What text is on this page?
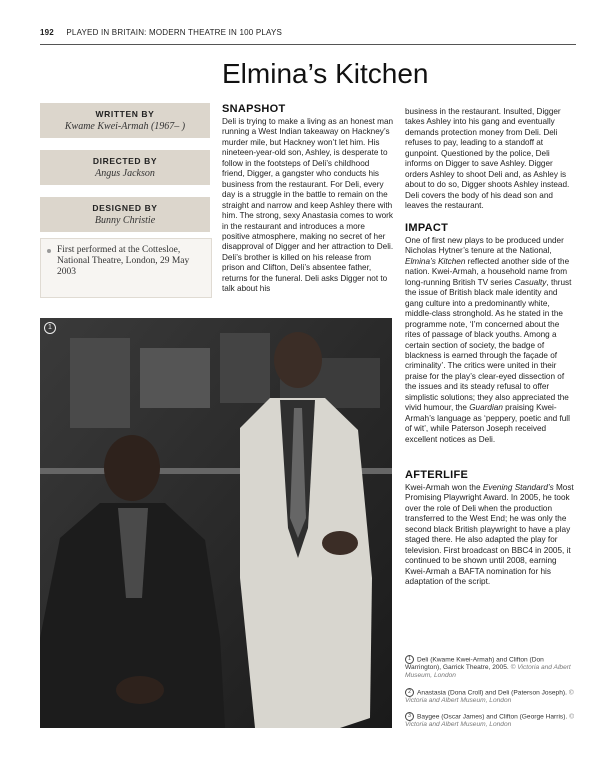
192 PLAYED IN BRITAIN: MODERN THEATRE IN 100 PLAYS
Elmina’s Kitchen
WRITTEN BY
Kwame Kwei-Armah (1967– )
DIRECTED BY
Angus Jackson
DESIGNED BY
Bunny Christie
First performed at the Cottesloe, National Theatre, London, 29 May 2003
SNAPSHOT

Deli is trying to make a living as an honest man running a West Indian takeaway on Hackney’s murder mile, but Hackney won’t let him. His nineteen-year-old son, Ashley, is desperate to follow in the footsteps of Deli’s childhood friend, Digger, a gangster who conducts his business from the restaurant. For Deli, every day is a struggle in the battle to remain on the straight and narrow and keep Ashley there with him. The strong, sexy Anastasia comes to work in the restaurant and introduces a more positive atmosphere, making no secret of her disapproval of Digger and her attraction to Deli. Deli’s brother is killed on his release from prison and Clifton, Deli’s absentee father, returns for the funeral. Deli asks Digger not to talk about his

business in the restaurant. Insulted, Digger takes Ashley into his gang and eventually demands protection money from Deli. Deli refuses to pay, leading to a standoff at gunpoint. Questioned by the police, Deli informs on Digger to save Ashley. Digger orders Ashley to shoot Deli and, as Ashley is about to do so, Digger shoots Ashley instead. Deli covers the body of his dead son and leaves the restaurant.

IMPACT

One of first new plays to be produced under Nicholas Hytner’s tenure at the National, Elmina’s Kitchen reflected another side of the nation. Kwei-Armah, a household name from long-running British TV series Casualty, thrust the issue of British black male identity and gang culture into a predominantly white, middle-class stronghold. As he stated in the programme note, ‘I’m concerned about the rites of passage of black youths. Among a certain section of society, the badge of blackness is earned through the façade of criminality’. The critics were united in their praise for the play’s clear-eyed dissection of the issues and its steady refusal to offer simplistic solutions; they also appreciated the vivid humour, the Guardian praising Kwei-Armah’s language as ‘peppery, poetic and full of wit’, while Paterson Joseph received excellent notices as Deli.

AFTERLIFE

Kwei-Armah won the Evening Standard’s Most Promising Playwright Award. In 2005, he took over the role of Deli when the production transferred to the West End; he was only the second black British playwright to have a play staged there. He also adapted the play for television. First broadcast on BBC4 in 2005, it continued to be shown until 2008, earning Kwei-Armah a BAFTA nomination for his adaptation of the script.

1
1 Deli (Kwame Kwei-Armah) and Clifton (Don Warrington), Garrick Theatre, 2005. © Victoria and Albert Museum, London
2 Anastasia (Dona Croll) and Deli (Paterson Joseph). © Victoria and Albert Museum, London
3 Baygee (Oscar James) and Clifton (George Harris). © Victoria and Albert Museum, London
